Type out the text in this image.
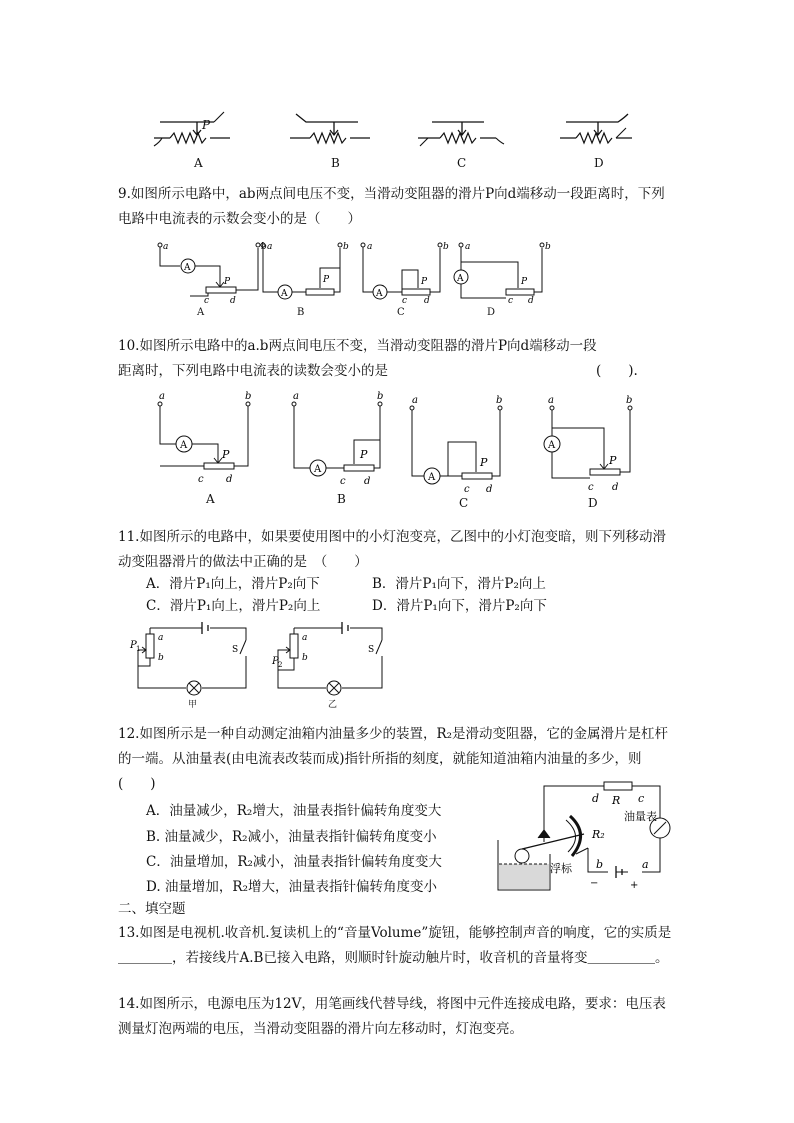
P
A	B	C	D

9.如图所示电路中，ab两点间电压不变，当滑动变阻器的滑片P向d端移动一段距离时，下列电路中电流表的示数会变小的是（　　）

A
a	b
P
c d
A
b
a
P
A
a	b
P
c d
A
a	b
P
c d
A	B	C	D

10.如图所示电路中的a.b两点间电压不变，当滑动变阻器的滑片P向d端移动一段距离时，下列电路中电流表的读数会变小的是	(　　).
A
a	b
P
c d
A
a	b
P
c d	A
a	b
P
c d
A
a	b
P
c d
A	B	C	D

11.如图所示的电路中，如果要使用图中的小灯泡变亮，乙图中的小灯泡变暗，则下列移动滑动变阻器滑片的做法中正确的是　（　　）

A．滑片P₁向上，滑片P₂向下	B．滑片P₁向下，滑片P₂向上
C．滑片P₁向上，滑片P₂向上	D．滑片P₁向下，滑片P₂向下
P 1
a
b
S
P 2
a
b
S
甲	乙

12.如图所示是一种自动测定油箱内油量多少的装置，R₂是滑动变阻器，它的金属滑片是杠杆的一端。从油量表(由电流表改装而成)指针所指的刻度，就能知道油箱内油量的多少，则(　　)

A．油量减少，R₂增大，油量表指针偏转角度变大
B. 油量减少，R₂减小，油量表指针偏转角度变小
C．油量增加，R₂减小，油量表指针偏转角度变大
D. 油量增加，R₂增大，油量表指针偏转角度变小
d R c
b	a
−	+
R₂
油量表
浮标

二、填空题

13.如图是电视机.收音机.复读机上的“音量Volume”旋钮，能够控制声音的响度，它的实质是＿＿＿＿，若接线片A.B已接入电路，则顺时针旋动触片时，收音机的音量将变＿＿＿＿＿。

14.如图所示，电源电压为12V，用笔画线代替导线，将图中元件连接成电路，要求：电压表测量灯泡两端的电压，当滑动变阻器的滑片向左移动时，灯泡变亮。
